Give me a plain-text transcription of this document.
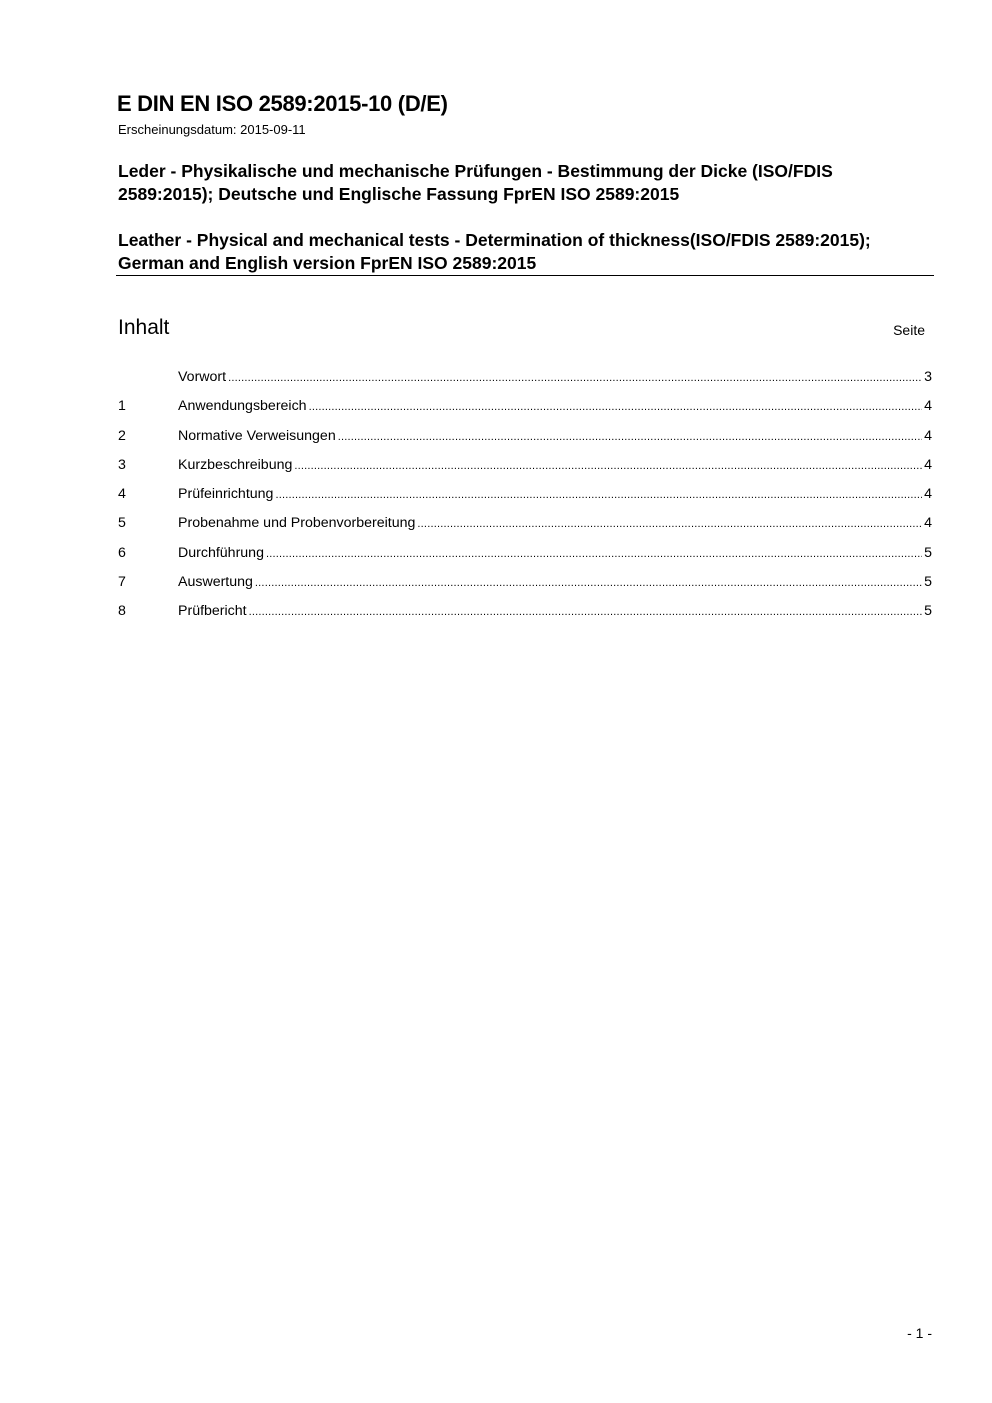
E DIN EN ISO 2589:2015-10 (D/E)
Erscheinungsdatum: 2015-09-11
Leder - Physikalische und mechanische Prüfungen - Bestimmung der Dicke (ISO/FDIS 2589:2015); Deutsche und Englische Fassung FprEN ISO 2589:2015
Leather - Physical and mechanical tests - Determination of thickness(ISO/FDIS 2589:2015); German and English version FprEN ISO 2589:2015
Inhalt	Seite
Vorwort .....	3
1	Anwendungsbereich .....	4
2	Normative Verweisungen .....	4
3	Kurzbeschreibung .....	4
4	Prüfeinrichtung .....	4
5	Probenahme und Probenvorbereitung .....	4
6	Durchführung .....	5
7	Auswertung .....	5
8	Prüfbericht .....	5
- 1 -
